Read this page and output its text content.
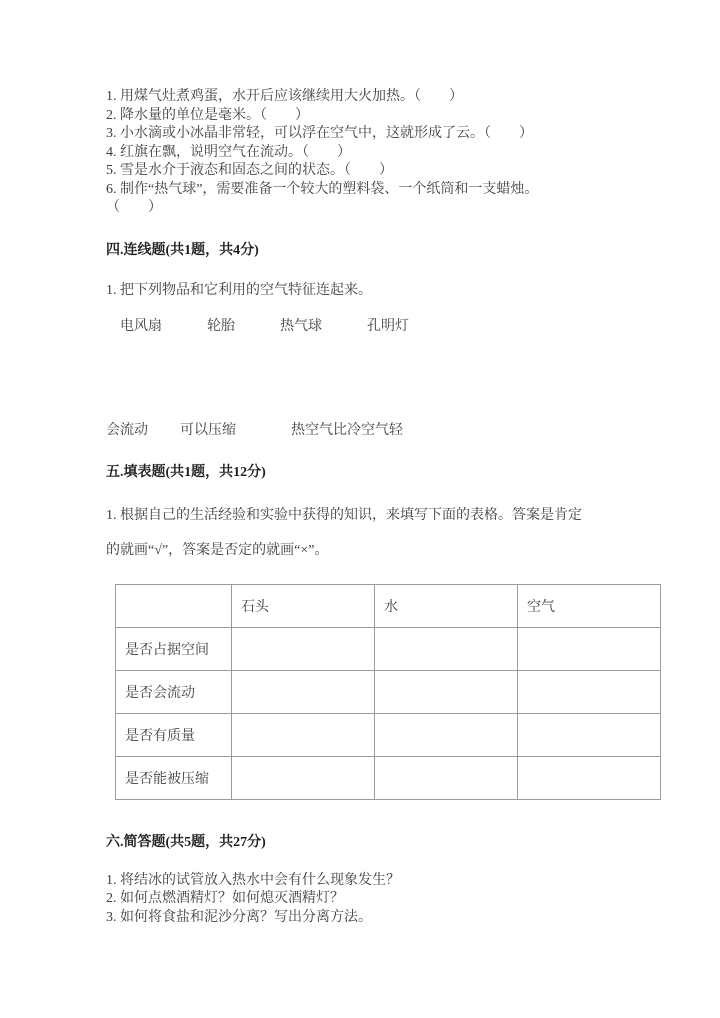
1. 用煤气灶煮鸡蛋，水开后应该继续用大火加热。（　　）
2. 降水量的单位是毫米。（　　）
3. 小水滴或小冰晶非常轻，可以浮在空气中，这就形成了云。（　　）
4. 红旗在飘，说明空气在流动。（　　）
5. 雪是水介于液态和固态之间的状态。（　　）
6. 制作“热气球”，需要准备一个较大的塑料袋、一个纸筒和一支蜡烛。
（　　）
四.连线题(共1题，共4分)
1. 把下列物品和它利用的空气特征连起来。
电风扇	轮胎	热气球	孔明灯
会流动 可以压缩	热空气比冷空气轻
五.填表题(共1题，共12分)
1. 根据自己的生活经验和实验中获得的知识，来填写下面的表格。答案是肯定
的就画“√”，答案是否定的就画“×”。
	石头	水	空气
是否占据空间			
是否会流动			
是否有质量			
是否能被压缩			
六.简答题(共5题，共27分)
1. 将结冰的试管放入热水中会有什么现象发生？
2. 如何点燃酒精灯？如何熄灭酒精灯？
3. 如何将食盐和泥沙分离？写出分离方法。
